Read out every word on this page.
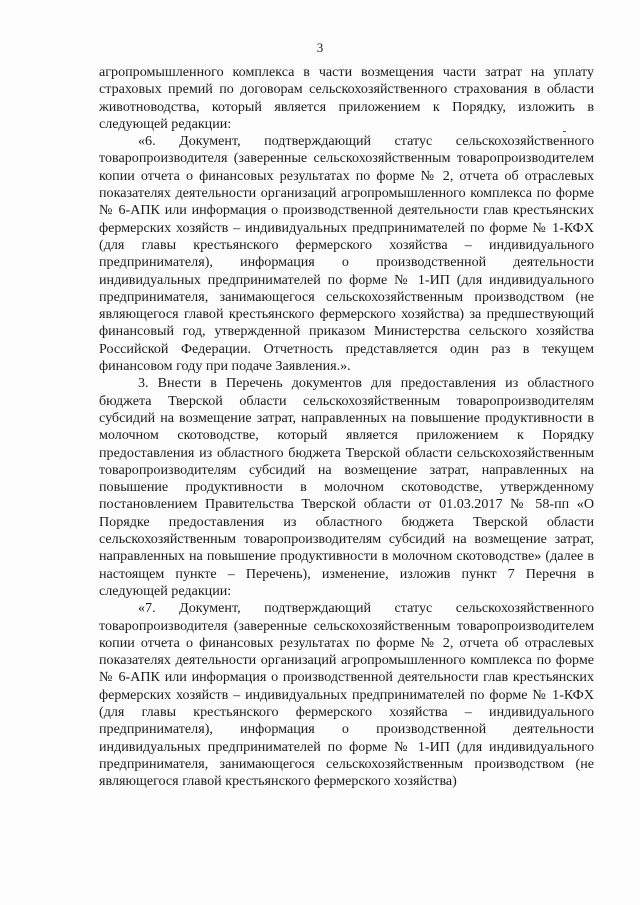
3

агропромышленного комплекса в части возмещения части затрат на уплату страховых премий по договорам сельскохозяйственного страхования в области животноводства, который является приложением к Порядку, изложить в следующей редакции:

«6. Документ, подтверждающий статус сельскохозяйственного товаропроизводителя (заверенные сельскохозяйственным товаропроизводителем копии отчета о финансовых результатах по форме № 2, отчета об отраслевых показателях деятельности организаций агропромышленного комплекса по форме № 6-АПК или информация о производственной деятельности глав крестьянских фермерских хозяйств – индивидуальных предпринимателей по форме № 1-КФХ (для главы крестьянского фермерского хозяйства – индивидуального предпринимателя), информация о производственной деятельности индивидуальных предпринимателей по форме № 1-ИП (для индивидуального предпринимателя, занимающегося сельскохозяйственным производством (не являющегося главой крестьянского фермерского хозяйства) за предшествующий финансовый год, утвержденной приказом Министерства сельского хозяйства Российской Федерации. Отчетность представляется один раз в текущем финансовом году при подаче Заявления.».

3. Внести в Перечень документов для предоставления из областного бюджета Тверской области сельскохозяйственным товаропроизводителям субсидий на возмещение затрат, направленных на повышение продуктивности в молочном скотоводстве, который является приложением к Порядку предоставления из областного бюджета Тверской области сельскохозяйственным товаропроизводителям субсидий на возмещение затрат, направленных на повышение продуктивности в молочном скотоводстве, утвержденному постановлением Правительства Тверской области от 01.03.2017 № 58-пп «О Порядке предоставления из областного бюджета Тверской области сельскохозяйственным товаропроизводителям субсидий на возмещение затрат, направленных на повышение продуктивности в молочном скотоводстве» (далее в настоящем пункте – Перечень), изменение, изложив пункт 7 Перечня в следующей редакции:

«7. Документ, подтверждающий статус сельскохозяйственного товаропроизводителя (заверенные сельскохозяйственным товаропроизводителем копии отчета о финансовых результатах по форме № 2, отчета об отраслевых показателях деятельности организаций агропромышленного комплекса по форме № 6-АПК или информация о производственной деятельности глав крестьянских фермерских хозяйств – индивидуальных предпринимателей по форме № 1-КФХ (для главы крестьянского фермерского хозяйства – индивидуального предпринимателя), информация о производственной деятельности индивидуальных предпринимателей по форме № 1-ИП (для индивидуального предпринимателя, занимающегося сельскохозяйственным производством (не являющегося главой крестьянского фермерского хозяйства)
